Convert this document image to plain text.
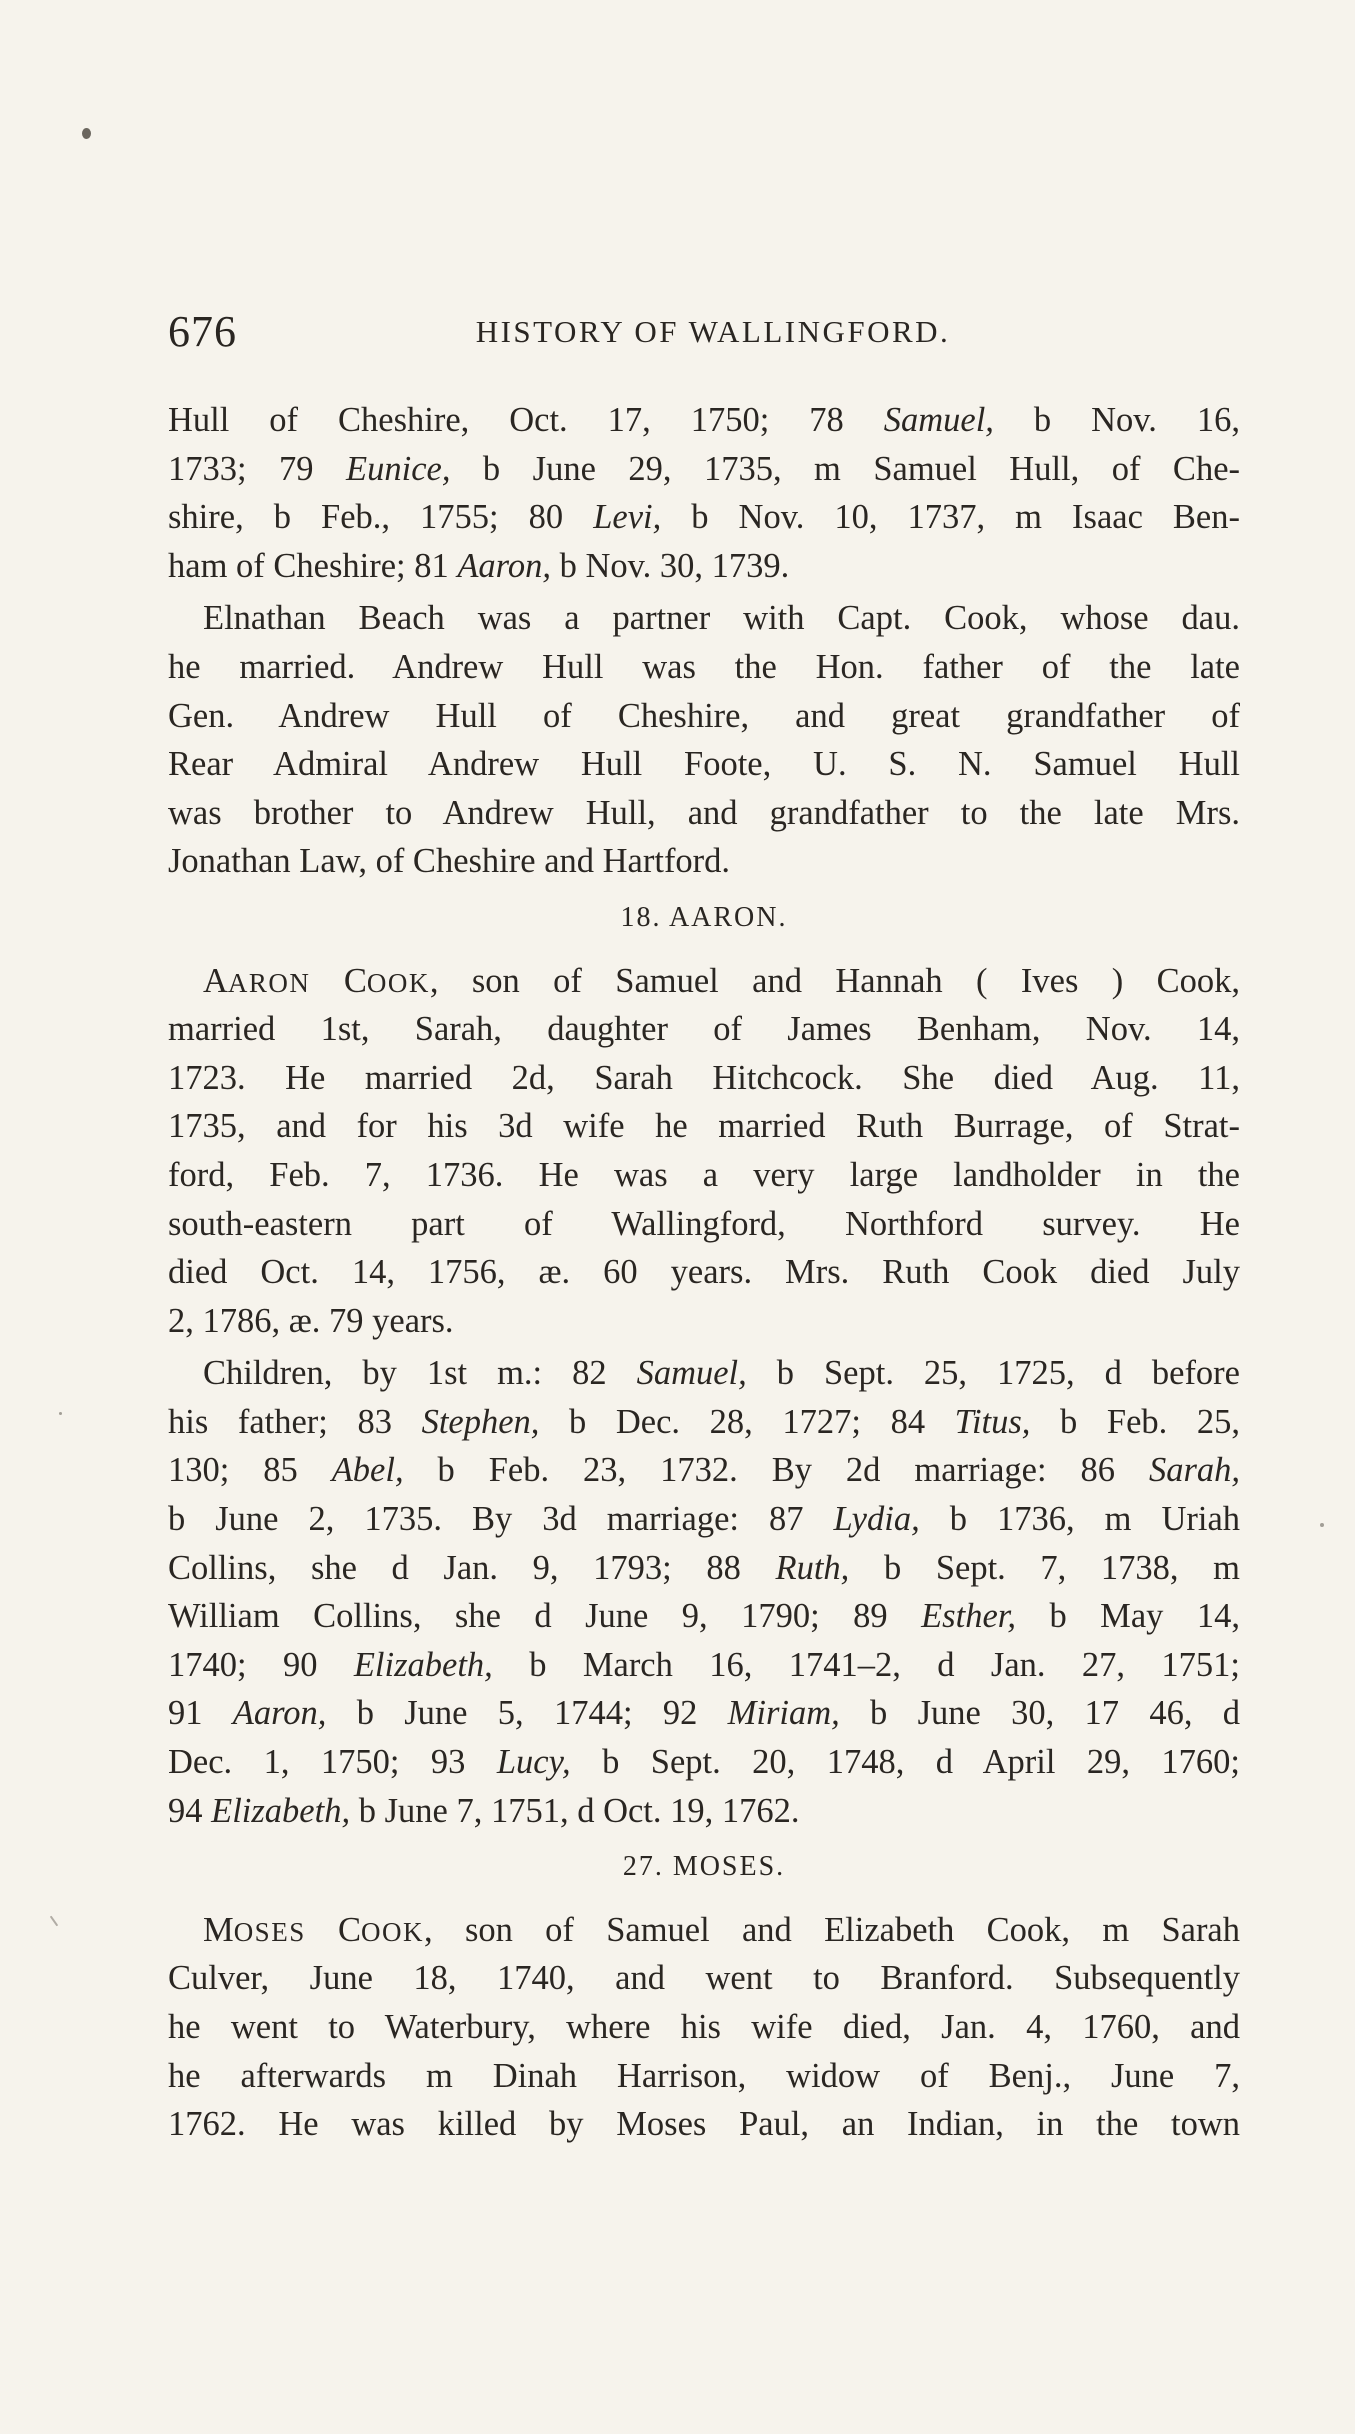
676	HISTORY OF WALLINGFORD.
Hull of Cheshire, Oct. 17, 1750; 78 Samuel, b Nov. 16,
1733; 79 Eunice, b June 29, 1735, m Samuel Hull, of Che-
shire, b Feb., 1755; 80 Levi, b Nov. 10, 1737, m Isaac Ben-
ham of Cheshire; 81 Aaron, b Nov. 30, 1739.
Elnathan Beach was a partner with Capt. Cook, whose dau.
he married. Andrew Hull was the Hon. father of the late
Gen. Andrew Hull of Cheshire, and great grandfather of
Rear Admiral Andrew Hull Foote, U. S. N. Samuel Hull
was brother to Andrew Hull, and grandfather to the late Mrs.
Jonathan Law, of Cheshire and Hartford.
18. AARON.
AARON COOK, son of Samuel and Hannah ( Ives ) Cook,
married 1st, Sarah, daughter of James Benham, Nov. 14,
1723. He married 2d, Sarah Hitchcock. She died Aug. 11,
1735, and for his 3d wife he married Ruth Burrage, of Strat-
ford, Feb. 7, 1736. He was a very large landholder in the
south-eastern part of Wallingford, Northford survey. He
died Oct. 14, 1756, æ. 60 years. Mrs. Ruth Cook died July
2, 1786, æ. 79 years.
Children, by 1st m.: 82 Samuel, b Sept. 25, 1725, d before
his father; 83 Stephen, b Dec. 28, 1727; 84 Titus, b Feb. 25,
130; 85 Abel, b Feb. 23, 1732. By 2d marriage: 86 Sarah,
b June 2, 1735. By 3d marriage: 87 Lydia, b 1736, m Uriah
Collins, she d Jan. 9, 1793; 88 Ruth, b Sept. 7, 1738, m
William Collins, she d June 9, 1790; 89 Esther, b May 14,
1740; 90 Elizabeth, b March 16, 1741–2, d Jan. 27, 1751;
91 Aaron, b June 5, 1744; 92 Miriam, b June 30, 17 46, d
Dec. 1, 1750; 93 Lucy, b Sept. 20, 1748, d April 29, 1760;
94 Elizabeth, b June 7, 1751, d Oct. 19, 1762.
27. MOSES.
MOSES COOK, son of Samuel and Elizabeth Cook, m Sarah
Culver, June 18, 1740, and went to Branford. Subsequently
he went to Waterbury, where his wife died, Jan. 4, 1760, and
he afterwards m Dinah Harrison, widow of Benj., June 7,
1762. He was killed by Moses Paul, an Indian, in the town
